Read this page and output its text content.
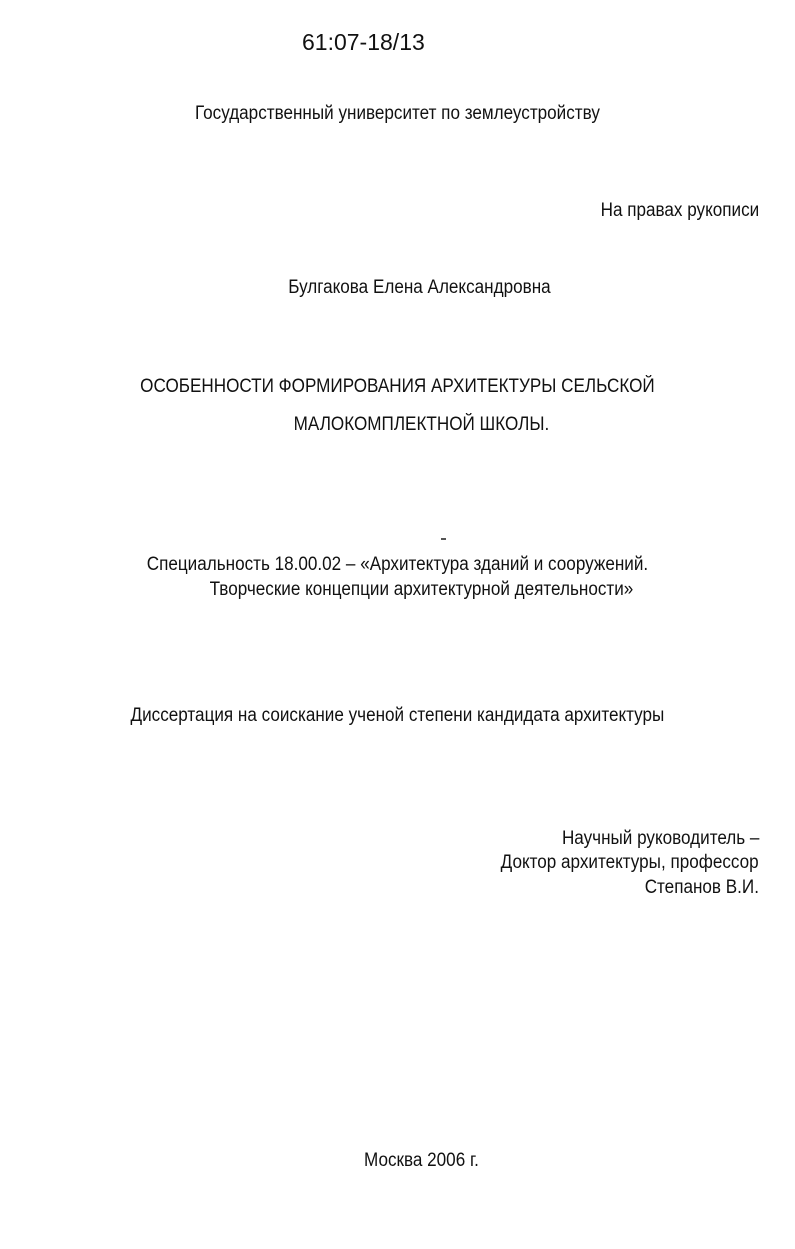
61:07-18/13
Государственный университет по землеустройству
На правах рукописи
Булгакова Елена Александровна
ОСОБЕННОСТИ ФОРМИРОВАНИЯ АРХИТЕКТУРЫ СЕЛЬСКОЙ
МАЛОКОМПЛЕКТНОЙ ШКОЛЫ.
Специальность 18.00.02 – «Архитектура зданий и сооружений.
Творческие концепции архитектурной деятельности»
Диссертация на соискание ученой степени кандидата архитектуры
Научный руководитель –
Доктор архитектуры, профессор
Степанов В.И.
Москва 2006 г.
